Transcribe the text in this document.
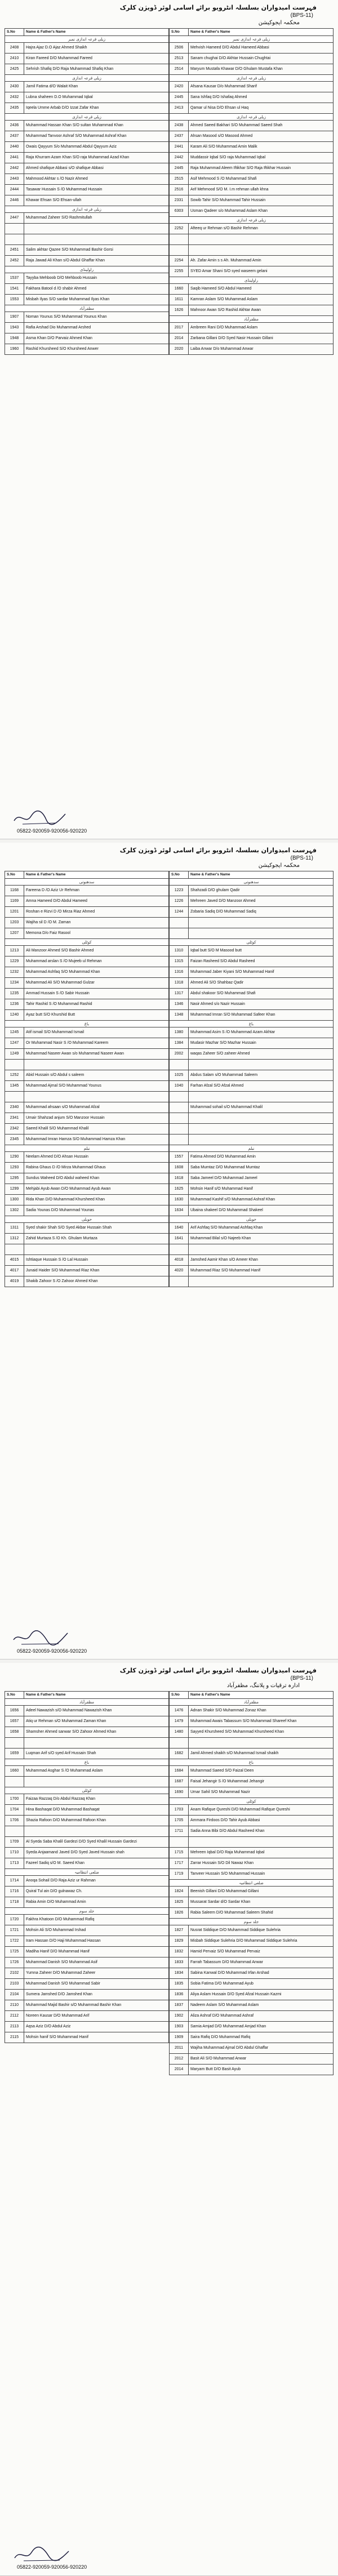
فہرست امیدواران بسلسلہ انٹرویو برائے اسامی لوئر ڈویژن کلرک
(BPS-11)
محکمہ ایجوکیشن
S.No	Name & Father's Name
زیلی قرعہ اندازی نمبر	
2408	Hajra Ajaz D.O Ajaz Ahmed Shaikh
2410	Kiran Fareed D/O Muhammad Fareed
2425	Sehrish Shafiq D/O Raja Muhammad Shafiq Khan
زیلی قرعہ اندازی	
2430	Jamil Fatima d/O Walait Khan
2432	Lubna shaheen D.O Muhammad Iqbal
2435	Iqeela Umme Arbab D/O Izzat Zafar Khan
زیلی قرعہ اندازی	
2436	Muhammad Hassan Khan S/O sultan Muhammad Khan
2437	Muhammad Tanvoor Ashraf S/O Muhammad Ashraf Khan
2440	Owais Qayyum S/o Muhammad Abdul Qayyum Aziz
2441	Raja Khurram Azam Khan S/O raja Muhammad Azad Khan
2442	Ahmed shafique Abbasi s/O shafique Abbasi
2443	Mahmood Akhtar s /O Nazir Ahmed
2444	Tasawar Hussain S /O Muhammad Hussain
2446	Khawar Ehsan S/O Ehsan-ullah
زیلی قرعہ اندازی	
2447	Muhammad Zaheer S/O Rashmitullah

2451	Salim akhtar Qazee S/O Muhammad Bashir Gorsi
2452	Raja Jawad Ali Khan s/O Abdul Ghaffar Khan
راولپنڈی	
1537	Tayyba Mehboob D/O Mehboob Hussain
1541	Fakhara Batool d /O shabir Ahmed
1553	Misbah Ilyas S/O sardar Muhammad Ilyas Khan
مظفرآباد	
1907	Noman Younus S/O Muhammad Younus Khan
1943	Rafia Arshad Dio Muhammad Arshed
1948	Asma Khan D/O Parvaiz Ahmed Khan
1960	Rashid Khursheed S/O Khursheed Anwer
S.No	Name & Father's Name
زیلی قرعہ اندازی نمبر	
2506	Mehvish Hameed D/O Abdul Hameed Abbasi
2513	Sanam chughai D/O Akhtar Hussain Chughtai
2514	Maryum Mustafa Khawar D/O Ghulam Mustafa Khan
زیلی قرعہ اندازی	
2420	Afsana Kausar D/o Muhammad Sharif
2445	Sana Ishfaq D/O Ishafaq Ahmed
2413	Qamar ul Nisa D/O Ehsan ul Haq
زیلی قرعہ اندازی	
2438	Ahmed Saeed Bakhari S/O Muhammad Saeed Shah
2437	Ahsan Masood s/O Masood Ahmed
2441	Karam Ali S/O Muhammad Amin Malik
2442	Muddassir Iqbal S/O raja Muhammad Iqbal
2445	Raja Muhammad Aleem Iftikhar S/O Raja Iftikhar Hussain
2515	Asif Mehmood S /O Muhammad Shafi
2516	Arif Mehmood S/O M. I.m rehman ullah khna
2331	Sowib Tahir S/O Muhammad Tahir Hussain
6303	Usman Qadeer s/o Muhammad Aslam Khan
زیلی قرعہ اندازی	
2252	Afteeq ur Rehman s/O Bashir Rehman

2254	Ah. Zafar Amin s s Ah. Muhammad Amin
2255	SYED Amar Shani S/O syed waseem gelani
راولپنڈی	
1660	Saqib Hameed S/O Abdul Hameed
1611	Kamran Aslam S/O Muhammad Aslam
1626	Mahnoor Awan S/O Rashid Akhtar Awan
مظفرآباد	
2017	Ambreen Rani D/O Muhammad Aslam
2014	Zarbana Gillani D/O Syed Nasir Hussain Gillani
2020	Laiba Anwar D/o Muhammad Anwar
05822-920059-920056-920220
فہرست امیدواران بسلسلہ انٹرویو برائے اسامی لوئر ڈویژن کلرک
(BPS-11)
محکمہ ایجوکیشن
S.No	Name & Father's Name
سدھنوتی	
1168	Fareena D /O Aziz Ur Rehman
1169	Amna Hameed D/O Abdul Hameed
1201	Roshan e Rizvi D /O Mirza Riaz Ahmed
1203	Wajiha sil D /O M. Zaman
1207	Memona D/o Faiz Rasool
کوٹلی	
1213	Ali Manzoor Ahmed S/O Bashir Ahmed
1229	Muhammad arslan S /O Mujeeb ul Rehman
1232	Muhammad Ashfaq S/O Muhammad Khan
1234	Muhammad Ali S/O Muhammad Gulzar
1235	Ammad Hussain S /O Sabir Hussain
1236	Tahir Rashid S /O Muhammad Rashid
1240	Ayaz butt S/O Khurshid Butt
باغ	
1245	Atif ismail S/O Muhammad Ismail
1247	Or Muhammad Nasir S /O Muhammad Kareem
1249	Muhammad Naseer Awan s/o Muhammad Naseer Awan

1252	Abid Hussain s/O Abdul s saleem
1345	Muhammad Ajmal S/O Muhammad Younus

2340	Muhammad ahsaan s/O Muhammad Afzal
2341	Umair Shahzad anjum S/O Manzoor Hussain
2342	Saeed Khalil S/O Muhammad Khalil
2345	Muhammad Imran Hamza S/O Muhammad Hamza Khan
نیلم	
1290	Neelam Ahmed D/O Ahsan Hussain
1293	Rabina Ghaus D /O Mirza Muhammad Ghaus
1295	Sundus Waheed D/O Abdul waheed Khan
1299	Mehjabi Ayub Awan D/O Muhammad Ayub Awan
1300	Rida Khan D/O Muhammad Khursheed Khan
1302	Sadia Younas D/O Muhammad Younas
حویلی	
1311	Syed shakir Shah S/O Syed Akbar Hussain Shah
1312	Zahid Murtaza S /O Kh. Ghulam Murtaza

4015	Ishtiaque Hussain S /O Lal Hussain
4017	Junaid Haider S/O Muhammad Riaz Khan
4019	Shakib Zahoor S /O Zahoor Ahmed Khan
S.No	Name & Father's Name
سدھنوتی	
1223	Shahzadi D/O ghulam Qadir
1226	Mehreen Javed D/O Manzoor Ahmed
1244	Zobaria Sadiq D/O Muhammad Sadiq

کوٹلی	
1310	Iqbal butt S/O M Masood butt
1315	Faizan Rasheed S/O Abdul Rasheed
1316	Muhammad Jaber Kiyani S/O Muhammad Hanif
1318	Ahmed Ali S/O Shahbaz Qadir
1317	Abdul shakoor S/O Muhammad Shafi
1346	Nasir Ahmed s/o Nazir Hussain
1348	Muhammad Imran S/O Muhammad Safeer Khan
باغ	
1380	Muhammad Asim S /O Muhammad Azam Akhtar
1384	Mudasir Mazhar S/O Mazhar Hussain
2002	waqas Zaheer S/O zaheer Ahmed

1025	Abdus Salam s/O Muhammad Saleem
1040	Farhan Afzal S/O Afzal Ahmed

	Muhammad sohail s/O Muhammad Khalil

نیلم	
1557	Fatima Ahmed D/O Muhammad Amin
1608	Saba Mumtaz D/O Muhammad Mumtaz
1618	Saba Jameel D/O Muhammad Jameel
1625	Mohsin Hanif s/O Muhammad Hanif
1630	Muhammad Kashif s/O Muhammad Ashraf Khan
1634	Ubaina shakeel D/O Muhammad Shakeel
حویلی	
1640	Arif Ashfaq S/O Muhammad Ashfaq Khan
1641	Muhammad Bilal s/O Najeeb Khan

4018	Jamshed Aamir Khan s/O Ameer Khan
4020	Muhammad Riaz S/O Muhammad Hanif

05822-920059-920056-920220
فہرست امیدواران بسلسلہ انٹرویو برائے اسامی لوئر ڈویژن کلرک
(BPS-11)
ادارہ ترقیات و پلاننگ، مظفرآباد
S.No	Name & Father's Name
مظفرآباد	
1656	Adeel Nawazish s/O Muhammad Nawazish Khan
1657	Atiq ur Rehman s/O Muhammad Zaman Khan
1658	Shamsher Ahmed sanwar S/O Zahoor Ahmed Khan

1659	Luqman Arif s/O syed Arif Hussain Shah
باغ	
1660	Muhammad Asghar S /O Muhammad Aslam

کوٹلی	
1700	Faizaa Razzaq D/o Abdul Razzaq Khan
1704	Hina Bashaqat D/O Muhammad Bashaqat
1706	Shazia Rafoon D/O Muhammad Rafoon Khan

1709	Al Syeda Saba Khalil Gardezi D/O Syed Khalil Hussain Gardezi
1710	Syeda Anjaamand Javed D/O Syed Javed Hussain shah
1713	Fazeel Sadiq s/O M. Saeed Khan
ضلعی انتظامیہ	
1714	Anoqa Sohail D/O Raja Aziz ur Rahman
1716	Quiral Tul ain D/O gulnawaz Ch.
1718	Rabia Amin D/O Muhammad Amin
جلد سوم	
1720	Fakhra Khatoon D/O Muhammad Rafiq
1721	Mohsin Ali S/O Muhammad Irshad
1722	Iram Hassan D/O Haji Muhammad Hassan
1725	Madiha Hanif D/O Muhammad Hanif
1726	Muhammad Danish S/O Muhammad Asif
2102	Yumna Zaheer D/O Muhammad Zaheer
2103	Muhammad Danish S/O Muhammad Sabir
2104	Sumera Jamshed D/O Jamshed Khan
2110	Muhammad Majid Bashir s/O Muhammad Bashir Khan
2112	Noreen Kausar D/O Muhammad Arif
2113	Aqsa Aziz D/O Abdul Aziz
2115	Mohsin hanif S/O Muhammad Hanif
S.No	Name & Father's Name
مظفرآباد	
1476	Adnan Shakir S/O Muhammad Zonaz Khan
1479	Muhammad Awais Tabassum S/O Muhammad Shareef Khan
1480	Sayyed Khursheed S/O Muhammad Khursheed Khan

1682	Jamil Ahmed shaikh s/O Muhammad Ismail shaikh
باغ	
1684	Muhammad Saeed S/O Faizal Deen
1687	Faisal Jehangir S /O Muhammad Jehangir
1690	Umar Sahil S/O Muhammad Nazir
کوٹلی	
1703	Anam Rafique Qureshi D/O Muhammad Rafique Qureshi
1705	Ammara Firdoos D/O Tahir Ayub Abbasi
1711	Sadia Anna Bibi D/O Abdul Rasheed Khan

1715	Mehreen Iqbal D/O Raja Muhammad Iqbal
1717	Zarrar Hussain S/O Dil Nawaz Khan
1719	Tanveer Hussain S/O Muhammad Hussain
ضلعی انتظامیہ	
1824	Beenish Gillani D/O Muhammad Gillani
1825	Mussarat Sardar d/O Sardar Khan
1826	Rabia Saleem D/O Muhammad Saleem Shahid
جلد سوم	
1827	Nusrat Siddique D/O Muhammad Siddique Sulehria
1829	Misbah Siddique Sulehria D/O Muhammad Siddique Sulehria
1832	Hamid Pervaiz S/O Muhammad Pervaiz
1833	Farrah Tabassum D/O Muhammad Anwar
1834	Sabina Kanwal D/O Muhammad Irfan Arshad
1835	Sobia Fatima D/O Muhammad Ayub
1836	Aliya Aslam Hussain D/O Syed Afzal Hussain Kazmi
1837	Nadeem Aslam S/O Muhammad Aslam
1902	Aliza Ashraf D/O Muhammad Ashraf
1903	Samia Amjad D/O Muhammad Amjad Khan
1909	Saira Rafiq D/O Muhammad Rafiq
2011	Wajiha Muhammad Ajmal D/O Abdul Ghaffar
2012	Basit Ali S/O Muhammad Anwar
2014	Maryam Butt D/O Basit Ayub
05822-920059-920056-920220
